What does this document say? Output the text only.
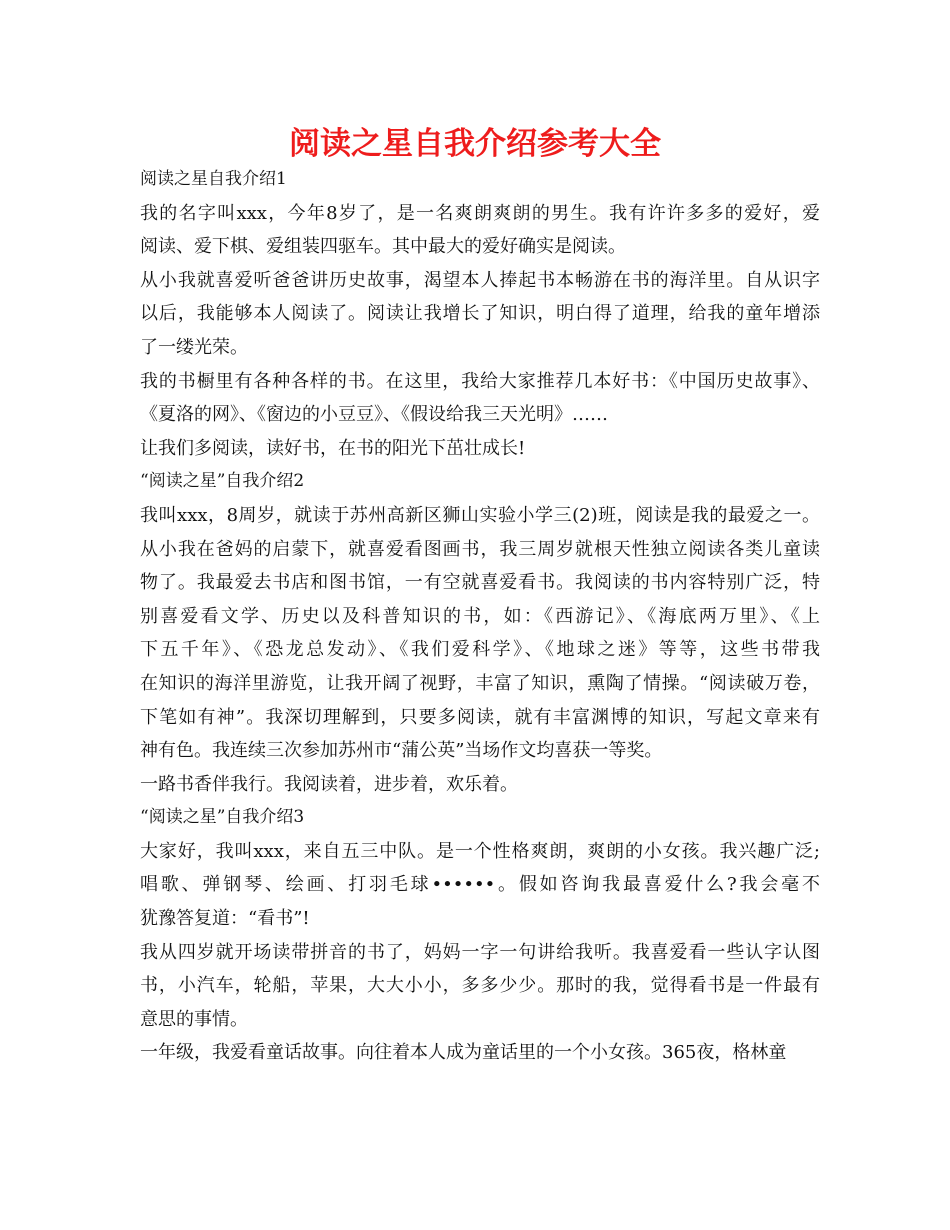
阅读之星自我介绍参考大全
阅读之星自我介绍1
我的名字叫xxx，今年8岁了，是一名爽朗爽朗的男生。我有许许多多的爱好，爱
阅读、爱下棋、爱组装四驱车。其中最大的爱好确实是阅读。
从小我就喜爱听爸爸讲历史故事，渴望本人捧起书本畅游在书的海洋里。自从识字
以后，我能够本人阅读了。阅读让我增长了知识，明白得了道理，给我的童年增添
了一缕光荣。
我的书橱里有各种各样的书。在这里，我给大家推荐几本好书：《中国历史故事》、
《夏洛的网》、《窗边的小豆豆》、《假设给我三天光明》……
让我们多阅读，读好书，在书的阳光下茁壮成长!
“阅读之星”自我介绍2
我叫xxx，8周岁，就读于苏州高新区狮山实验小学三(2)班，阅读是我的最爱之一。
从小我在爸妈的启蒙下，就喜爱看图画书，我三周岁就根天性独立阅读各类儿童读
物了。我最爱去书店和图书馆，一有空就喜爱看书。我阅读的书内容特别广泛，特
别喜爱看文学、历史以及科普知识的书，如：《西游记》、《海底两万里》、《上
下五千年》、《恐龙总发动》、《我们爱科学》、《地球之迷》等等，这些书带我
在知识的海洋里游览，让我开阔了视野，丰富了知识，熏陶了情操。“阅读破万卷，
下笔如有神”。我深切理解到，只要多阅读，就有丰富渊博的知识，写起文章来有
神有色。我连续三次参加苏州市“蒲公英”当场作文均喜获一等奖。
一路书香伴我行。我阅读着，进步着，欢乐着。
“阅读之星”自我介绍3
大家好，我叫xxx，来自五三中队。是一个性格爽朗，爽朗的小女孩。我兴趣广泛;
唱歌、弹钢琴、绘画、打羽毛球••••••。假如咨询我最喜爱什么?我会毫不
犹豫答复道：“看书”!
我从四岁就开场读带拼音的书了，妈妈一字一句讲给我听。我喜爱看一些认字认图
书，小汽车，轮船，苹果，大大小小，多多少少。那时的我，觉得看书是一件最有
意思的事情。
一年级，我爱看童话故事。向往着本人成为童话里的一个小女孩。365夜，格林童
